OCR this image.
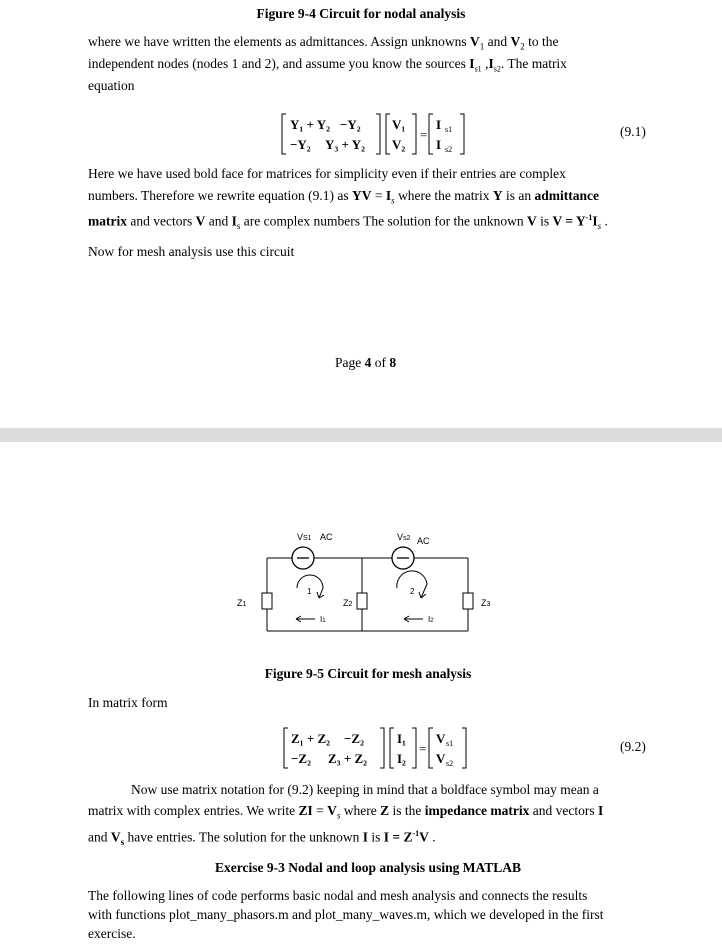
Figure 9-4 Circuit for nodal analysis
where we have written the elements as admittances. Assign unknowns $V_1$ and $V_2$ to the
independent nodes (nodes 1 and 2), and assume you know the sources $I_{s1}$ $,I_{s2}$. The matrix
equation
Y₁ + Y₂ −Y₂
−Y₂ Y₃ + Y₂
V₁
V₂
=
I s1
I s2
(9.1)
Here we have used bold face for matrices for simplicity even if their entries are complex
numbers. Therefore we rewrite equation (9.1) as YV = $I_s$ where the matrix Y is an admittance
matrix and vectors V and $I_s$ are complex numbers The solution for the unknown V is $V = Y^{-1}I_s$ .
Now for mesh analysis use this circuit
Page 4 of 8
VS1 AC	Vs2 AC
Z1	Z2	Z3
1	2
I1	I2
Figure 9-5 Circuit for mesh analysis
In matrix form
Z₁ + Z₂ −Z₂
−Z₂ Z₃ + Z₂
I₁
I₂
=
V s1
V s2
(9.2)
Now use matrix notation for (9.2) keeping in mind that a boldface symbol may mean a
matrix with complex entries. We write ZI = $V_s$ where Z is the impedance matrix and vectors I
and $V_s$ have entries. The solution for the unknown I is $I = Z^{-1}V$ .
Exercise 9-3 Nodal and loop analysis using MATLAB
The following lines of code performs basic nodal and mesh analysis and connects the results
with functions plot_many_phasors.m and plot_many_waves.m, which we developed in the first
exercise.
